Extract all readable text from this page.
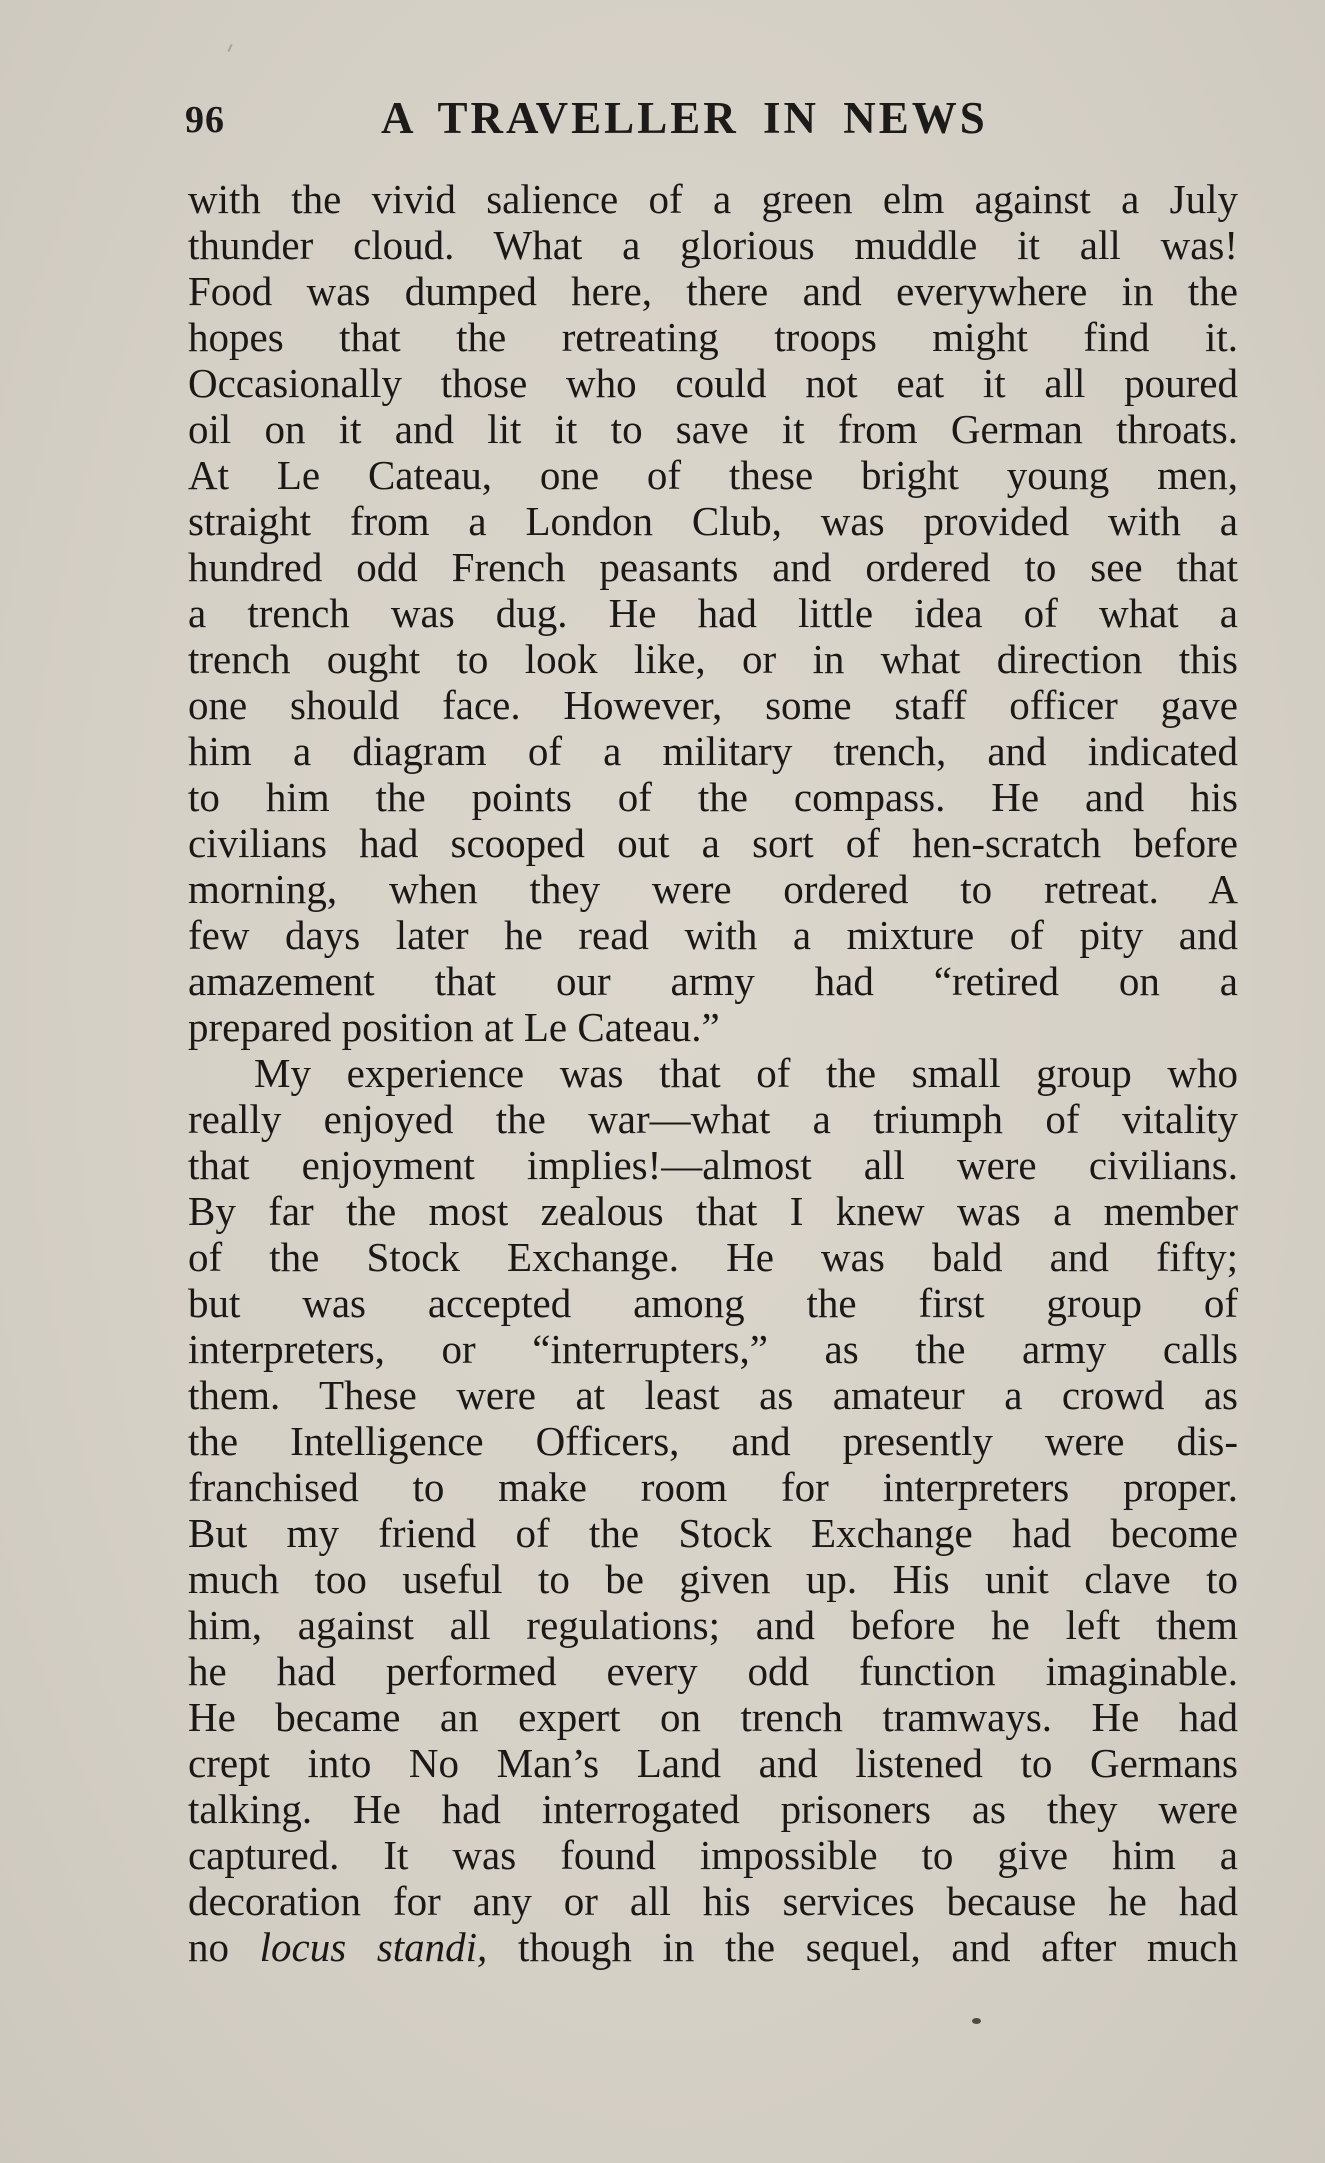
96	A TRAVELLER IN NEWS
with the vivid salience of a green elm against a July
thunder cloud. What a glorious muddle it all was!
Food was dumped here, there and everywhere in the
hopes that the retreating troops might find it.
Occasionally those who could not eat it all poured
oil on it and lit it to save it from German throats.
At Le Cateau, one of these bright young men,
straight from a London Club, was provided with a
hundred odd French peasants and ordered to see that
a trench was dug. He had little idea of what a
trench ought to look like, or in what direction this
one should face. However, some staff officer gave
him a diagram of a military trench, and indicated
to him the points of the compass. He and his
civilians had scooped out a sort of hen-scratch before
morning, when they were ordered to retreat. A
few days later he read with a mixture of pity and
amazement that our army had “retired on a
prepared position at Le Cateau.”
My experience was that of the small group who
really enjoyed the war—what a triumph of vitality
that enjoyment implies!—almost all were civilians.
By far the most zealous that I knew was a member
of the Stock Exchange. He was bald and fifty;
but was accepted among the first group of
interpreters, or “interrupters,” as the army calls
them. These were at least as amateur a crowd as
the Intelligence Officers, and presently were dis-
franchised to make room for interpreters proper.
But my friend of the Stock Exchange had become
much too useful to be given up. His unit clave to
him, against all regulations; and before he left them
he had performed every odd function imaginable.
He became an expert on trench tramways. He had
crept into No Man’s Land and listened to Germans
talking. He had interrogated prisoners as they were
captured. It was found impossible to give him a
decoration for any or all his services because he had
no locus standi, though in the sequel, and after much
